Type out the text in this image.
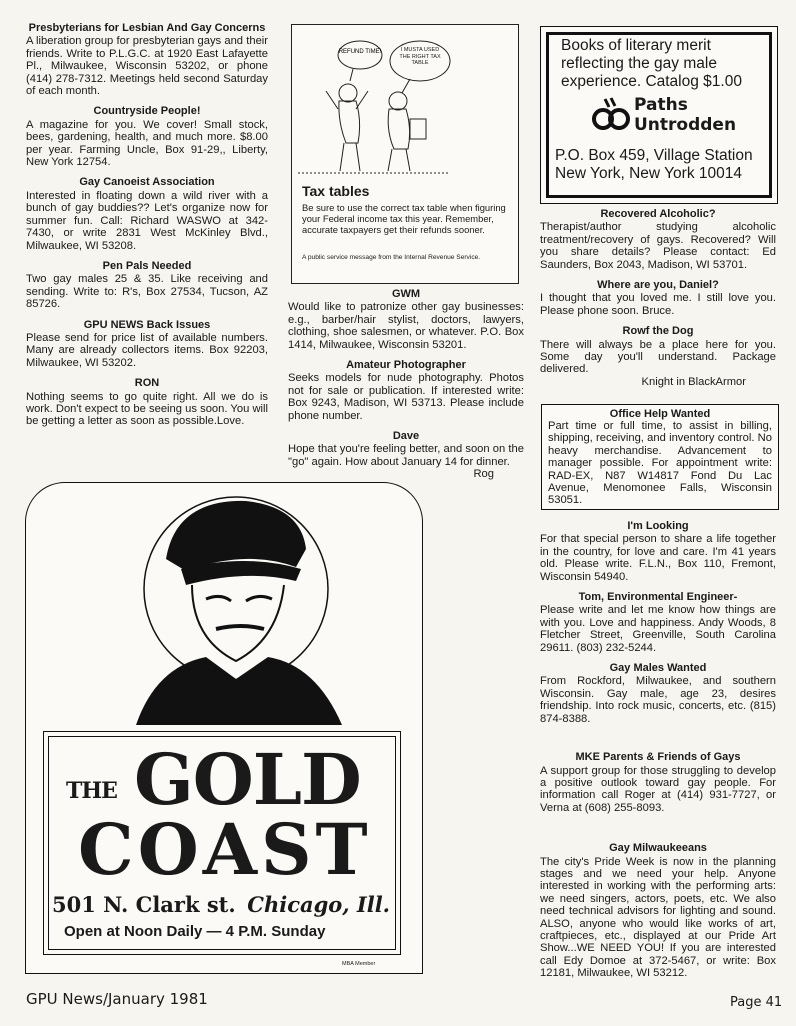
Presbyterians for Lesbian And Gay Concerns
A liberation group for presbyterian gays and their friends. Write to P.L.G.C. at 1920 East Lafayette Pl., Milwaukee, Wisconsin 53202, or phone (414) 278-7312. Meetings held second Saturday of each month.
Countryside People!
A magazine for you. We cover! Small stock, bees, gardening, health, and much more. $8.00 per year. Farming Uncle, Box 91-29,, Liberty, New York 12754.
Gay Canoeist Association
Interested in floating down a wild river with a bunch of gay buddies?? Let's organize now for summer fun. Call: Richard WASWO at 342-7430, or write 2831 West McKinley Blvd., Milwaukee, WI 53208.
Pen Pals Needed
Two gay males 25 & 35. Like receiving and sending. Write to: R's, Box 27534, Tucson, AZ 85726.
GPU NEWS Back Issues
Please send for price list of available numbers. Many are already collectors items. Box 92203, Milwaukee, WI 53202.
RON
Nothing seems to go quite right. All we do is work. Don't expect to be seeing us soon. You will be getting a letter as soon as possible.Love.
REFUND TIME!	I MUSTA USED THE RIGHT TAX TABLE
Tax tables
Be sure to use the correct tax table when figuring your Federal income tax this year. Remember, accurate taxpayers get their refunds sooner.
A public service message from the Internal Revenue Service.
GWM
Would like to patronize other gay businesses: e.g., barber/hair stylist, doctors, lawyers, clothing, shoe salesmen, or whatever. P.O. Box 1414, Milwaukee, Wisconsin 53201.
Amateur Photographer
Seeks models for nude photography. Photos not for sale or publication. If interested write: Box 9243, Madison, WI 53713. Please include phone number.
Dave
Hope that you're feeling better, and soon on the "go" again. How about January 14 for dinner.
Rog
Books of literary merit reflecting the gay male experience. Catalog $1.00
Paths
Untrodden
P.O. Box 459, Village Station New York, New York 10014
Recovered Alcoholic?
Therapist/author studying alcoholic treatment/recovery of gays. Recovered? Will you share details? Please contact: Ed Saunders, Box 2043, Madison, WI 53701.
Where are you, Daniel?
I thought that you loved me. I still love you. Please phone soon. Bruce.
Rowf the Dog
There will always be a place here for you. Some day you'll understand. Package delivered.
Knight in BlackArmor
Office Help Wanted
Part time or full time, to assist in billing, shipping, receiving, and inventory control. No heavy merchandise. Advancement to manager possible. For appointment write: RAD-EX, N87 W14817 Fond Du Lac Avenue, Menomonee Falls, Wisconsin 53051.
I'm Looking
For that special person to share a life together in the country, for love and care. I'm 41 years old. Please write. F.L.N., Box 110, Fremont, Wisconsin 54940.
Tom, Environmental Engineer-
Please write and let me know how things are with you. Love and happiness. Andy Woods, 8 Fletcher Street, Greenville, South Carolina 29611. (803) 232-5244.
Gay Males Wanted
From Rockford, Milwaukee, and southern Wisconsin. Gay male, age 23, desires friendship. Into rock music, concerts, etc. (815) 874-8388.
MKE Parents & Friends of Gays
A support group for those struggling to develop a positive outlook toward gay people. For information call Roger at (414) 931-7727, or Verna at (608) 255-8093.
Gay Milwaukeeans
The city's Pride Week is now in the planning stages and we need your help. Anyone interested in working with the performing arts: we need singers, actors, poets, etc. We also need technical advisors for lighting and sound. ALSO, anyone who would like works of art, craftpieces, etc., displayed at our Pride Art Show...WE NEED YOU! If you are interested call Edy Domoe at 372-5467, or write: Box 12181, Milwaukee, WI 53212.
THE GOLD
COAST
501 N. Clark st. Chicago, Ill.
Open at Noon Daily — 4 P.M. Sunday
MBA Member
GPU News/January 1981	Page 41
